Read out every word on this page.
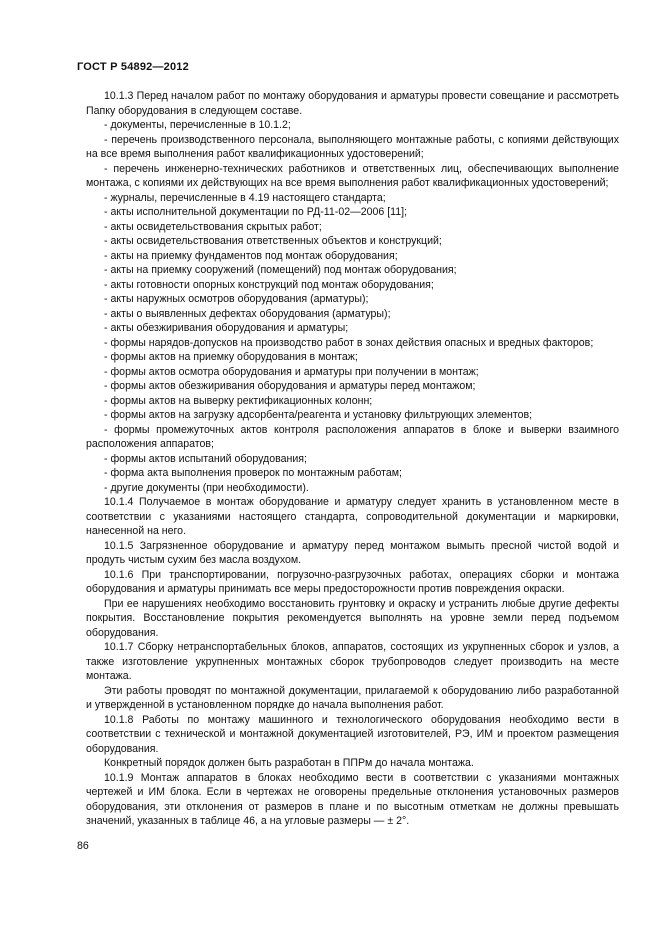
ГОСТ Р 54892—2012

10.1.3 Перед началом работ по монтажу оборудования и арматуры провести совещание и рассмотреть Папку оборудования в следующем составе.

- документы, перечисленные в 10.1.2;

- перечень производственного персонала, выполняющего монтажные работы, с копиями действующих на все время выполнения работ квалификационных удостоверений;

- перечень инженерно-технических работников и ответственных лиц, обеспечивающих выполнение монтажа, с копиями их действующих на все время выполнения работ квалификационных удостоверений;

- журналы, перечисленные в 4.19 настоящего стандарта;

- акты исполнительной документации по РД-11-02—2006 [11];

- акты освидетельствования скрытых работ;

- акты освидетельствования ответственных объектов и конструкций;

- акты на приемку фундаментов под монтаж оборудования;

- акты на приемку сооружений (помещений) под монтаж оборудования;

- акты готовности опорных конструкций под монтаж оборудования;

- акты наружных осмотров оборудования (арматуры);

- акты о выявленных дефектах оборудования (арматуры);

- акты обезжиривания оборудования и арматуры;

- формы нарядов-допусков на производство работ в зонах действия опасных и вредных факторов;

- формы актов на приемку оборудования в монтаж;

- формы актов осмотра оборудования и арматуры при получении в монтаж;

- формы актов обезжиривания оборудования и арматуры перед монтажом;

- формы актов на выверку ректификационных колонн;

- формы актов на загрузку адсорбента/реагента и установку фильтрующих элементов;

- формы промежуточных актов контроля расположения аппаратов в блоке и выверки взаимного расположения аппаратов;

- формы актов испытаний оборудования;

- форма акта выполнения проверок по монтажным работам;

- другие документы (при необходимости).

10.1.4 Получаемое в монтаж оборудование и арматуру следует хранить в установленном месте в соответствии с указаниями настоящего стандарта, сопроводительной документации и маркировки, нанесенной на него.

10.1.5 Загрязненное оборудование и арматуру перед монтажом вымыть пресной чистой водой и продуть чистым сухим без масла воздухом.

10.1.6 При транспортировании, погрузочно-разгрузочных работах, операциях сборки и монтажа оборудования и арматуры принимать все меры предосторожности против повреждения окраски.

При ее нарушениях необходимо восстановить грунтовку и окраску и устранить любые другие дефекты покрытия. Восстановление покрытия рекомендуется выполнять на уровне земли перед подъемом оборудования.

10.1.7 Сборку нетранспортабельных блоков, аппаратов, состоящих из укрупненных сборок и узлов, а также изготовление укрупненных монтажных сборок трубопроводов следует производить на месте монтажа.

Эти работы проводят по монтажной документации, прилагаемой к оборудованию либо разработанной и утвержденной в установленном порядке до начала выполнения работ.

10.1.8 Работы по монтажу машинного и технологического оборудования необходимо вести в соответствии с технической и монтажной документацией изготовителей, РЭ, ИМ и проектом размещения оборудования.

Конкретный порядок должен быть разработан в ППРм до начала монтажа.

10.1.9 Монтаж аппаратов в блоках необходимо вести в соответствии с указаниями монтажных чертежей и ИМ блока. Если в чертежах не оговорены предельные отклонения установочных размеров оборудования, эти отклонения от размеров в плане и по высотным отметкам не должны превышать значений, указанных в таблице 46, а на угловые размеры — ± 2°.

86
